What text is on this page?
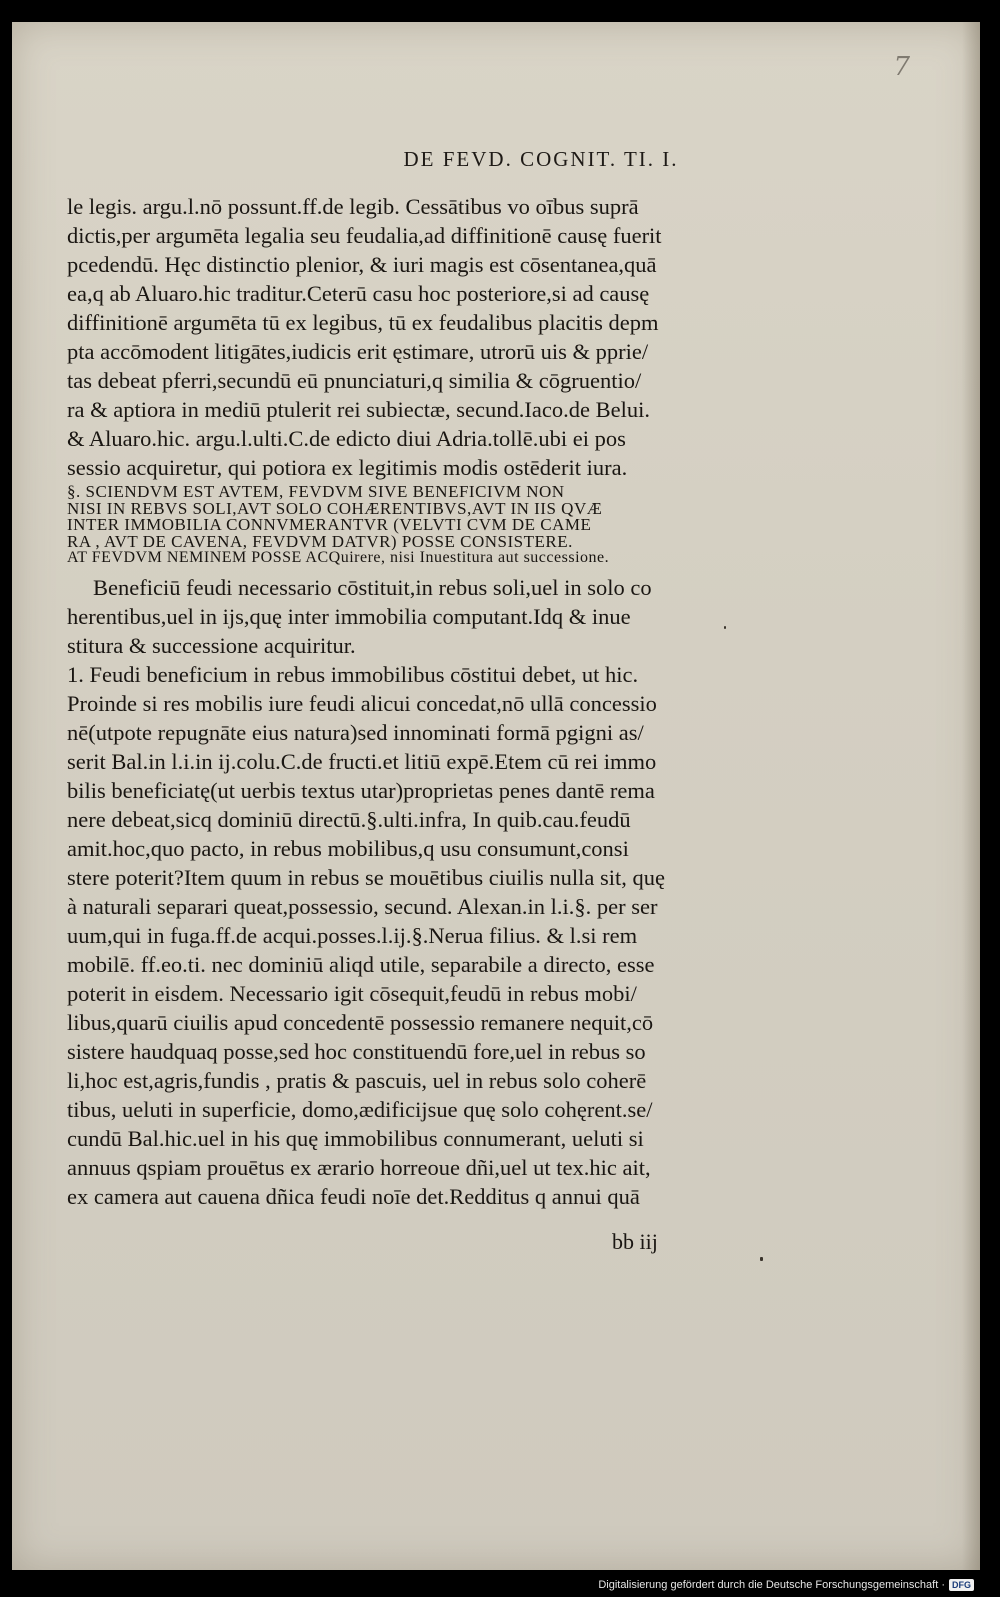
7
DE FEVD. COGNIT. TI. I.
le legis. argu.l.nō possunt.ff.de legib. Cessātibus vo oībus suprā
dictis,per argumēta legalia seu feudalia,ad diffinitionē causę fuerit
pcedendū. Hęc distinctio plenior, & iuri magis est cōsentanea,quā
ea,q ab Aluaro.hic traditur.Ceterū casu hoc posteriore,si ad causę
diffinitionē argumēta tū ex legibus, tū ex feudalibus placitis depm
pta accōmodent litigātes,iudicis erit ęstimare, utrorū uis & pprie/
tas debeat pferri,secundū eū pnunciaturi,q similia & cōgruentio/
ra & aptiora in mediū ptulerit rei subiectæ, secund.Iaco.de Belui.
& Aluaro.hic. argu.l.ulti.C.de edicto diui Adria.tollē.ubi ei pos
sessio acquiretur, qui potiora ex legitimis modis ostēderit iura.
§. SCIENDVM EST AVTEM, FEVDVM SIVE BENEFICIVM NON
NISI IN REBVS SOLI,AVT SOLO COHÆRENTIBVS,AVT IN IIS QVÆ
INTER IMMOBILIA CONNVMERANTVR (VELVTI CVM DE CAME
RA , AVT DE CAVENA, FEVDVM DATVR) POSSE CONSISTERE.
AT FEVDVM NEMINEM POSSE ACQuirere, nisi Inuestitura aut successione.
Beneficiū feudi necessario cōstituit,in rebus soli,uel in solo co
herentibus,uel in ijs,quę inter immobilia computant.Idq & inue
stitura & successione acquiritur.
1. Feudi beneficium in rebus immobilibus cōstitui debet, ut hic.
Proinde si res mobilis iure feudi alicui concedat,nō ullā concessio
nē(utpote repugnāte eius natura)sed innominati formā pgigni as/
serit Bal.in l.i.in ij.colu.C.de fructi.et litiū expē.Etem cū rei immo
bilis beneficiatę(ut uerbis textus utar)proprietas penes dantē rema
nere debeat,sicq dominiū directū.§.ulti.infra, In quib.cau.feudū
amit.hoc,quo pacto, in rebus mobilibus,q usu consumunt,consi
stere poterit?Item quum in rebus se mouētibus ciuilis nulla sit, quę
à naturali separari queat,possessio, secund. Alexan.in l.i.§. per ser
uum,qui in fuga.ff.de acqui.posses.l.ij.§.Nerua filius. & l.si rem
mobilē. ff.eo.ti. nec dominiū aliqd utile, separabile a directo, esse
poterit in eisdem. Necessario igit cōsequit,feudū in rebus mobi/
libus,quarū ciuilis apud concedentē possessio remanere nequit,cō
sistere haudquaq posse,sed hoc constituendū fore,uel in rebus so
li,hoc est,agris,fundis , pratis & pascuis, uel in rebus solo coherē
tibus, ueluti in superficie, domo,ædificijsue quę solo cohęrent.se/
cundū Bal.hic.uel in his quę immobilibus connumerant, ueluti si
annuus qspiam prouētus ex ærario horreoue dñi,uel ut tex.hic ait,
ex camera aut cauena dñica feudi noīe det.Redditus q annui quā
bb iij
Digitalisierung gefördert durch die Deutsche Forschungsgemeinschaft · DFG
